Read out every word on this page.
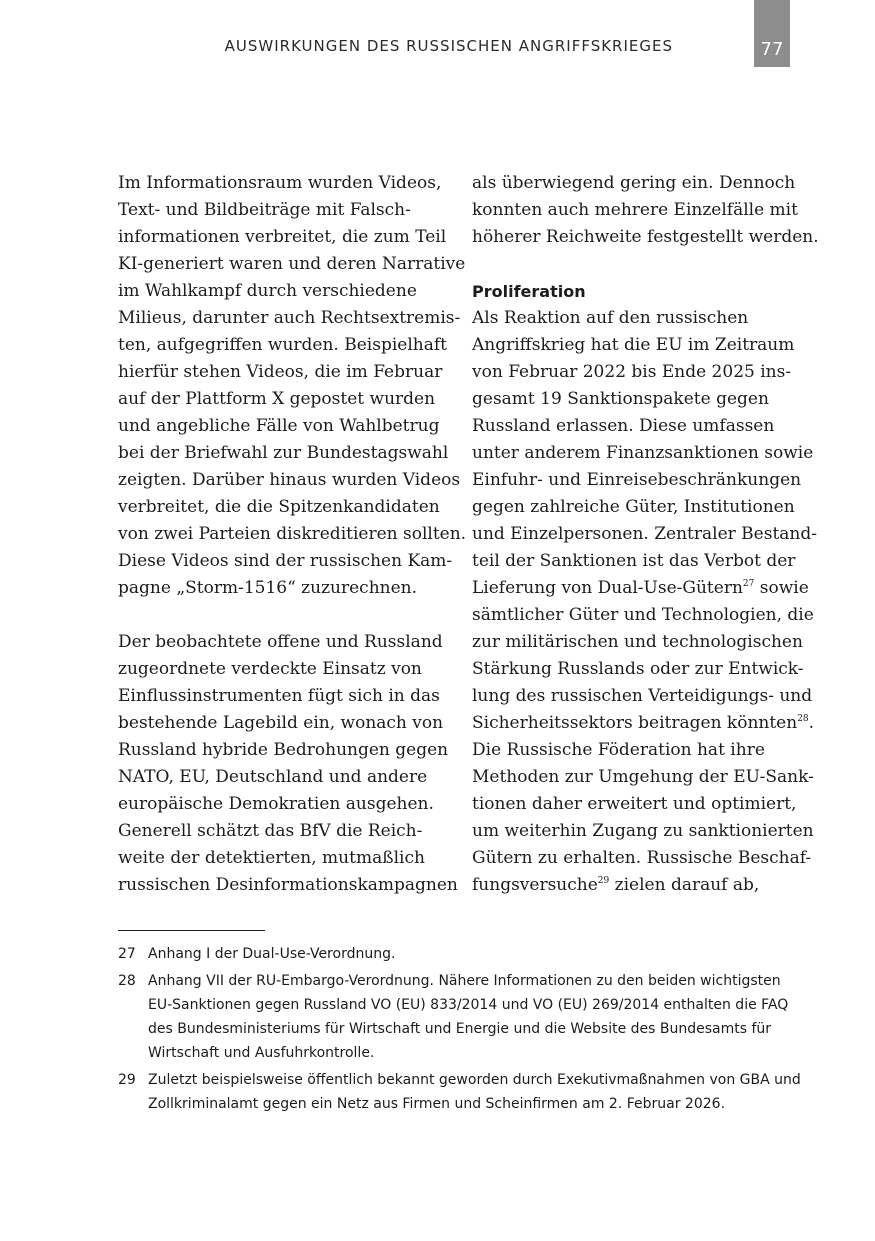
AUSWIRKUNGEN DES RUSSISCHEN ANGRIFFSKRIEGES	77
Im Informationsraum wurden Videos,
Text- und Bildbeiträge mit Falsch-
informationen verbreitet, die zum Teil
KI-generiert waren und deren Narrative
im Wahlkampf durch verschiedene
Milieus, darunter auch Rechtsextremis-
ten, aufgegriffen wurden. Beispielhaft
hierfür stehen Videos, die im Februar
auf der Plattform X gepostet wurden
und angebliche Fälle von Wahlbetrug
bei der Briefwahl zur Bundestagswahl
zeigten. Darüber hinaus wurden Videos
verbreitet, die die Spitzenkandidaten
von zwei Parteien diskreditieren sollten.
Diese Videos sind der russischen Kam-
pagne „Storm-1516“ zuzurechnen.
Der beobachtete offene und Russland
zugeordnete verdeckte Einsatz von
Einflussinstrumenten fügt sich in das
bestehende Lagebild ein, wonach von
Russland hybride Bedrohungen gegen
NATO, EU, Deutschland und andere
europäische Demokratien ausgehen.
Generell schätzt das BfV die Reich-
weite der detektierten, mutmaßlich
russischen Desinformationskampagnen
als überwiegend gering ein. Dennoch
konnten auch mehrere Einzelfälle mit
höherer Reichweite festgestellt werden.
Proliferation
Als Reaktion auf den russischen
Angriffskrieg hat die EU im Zeitraum
von Februar 2022 bis Ende 2025 ins-
gesamt 19 Sanktionspakete gegen
Russland erlassen. Diese umfassen
unter anderem Finanzsanktionen sowie
Einfuhr- und Einreisebeschränkungen
gegen zahlreiche Güter, Institutionen
und Einzelpersonen. Zentraler Bestand-
teil der Sanktionen ist das Verbot der
Lieferung von Dual-Use-Gütern$^{27}$ sowie
sämtlicher Güter und Technologien, die
zur militärischen und technologischen
Stärkung Russlands oder zur Entwick-
lung des russischen Verteidigungs- und
Sicherheitssektors beitragen könnten$^{28}$.
Die Russische Föderation hat ihre
Methoden zur Umgehung der EU-Sank-
tionen daher erweitert und optimiert,
um weiterhin Zugang zu sanktionierten
Gütern zu erhalten. Russische Beschaf-
fungsversuche$^{29}$ zielen darauf ab,
27 Anhang I der Dual-Use-Verordnung.
28 Anhang VII der RU-Embargo-Verordnung. Nähere Informationen zu den beiden wichtigsten
EU-Sanktionen gegen Russland VO (EU) 833/2014 und VO (EU) 269/2014 enthalten die FAQ
des Bundesministeriums für Wirtschaft und Energie und die Website des Bundesamts für
Wirtschaft und Ausfuhrkontrolle.
29 Zuletzt beispielsweise öffentlich bekannt geworden durch Exekutivmaßnahmen von GBA und
Zollkriminalamt gegen ein Netz aus Firmen und Scheinfirmen am 2. Februar 2026.
